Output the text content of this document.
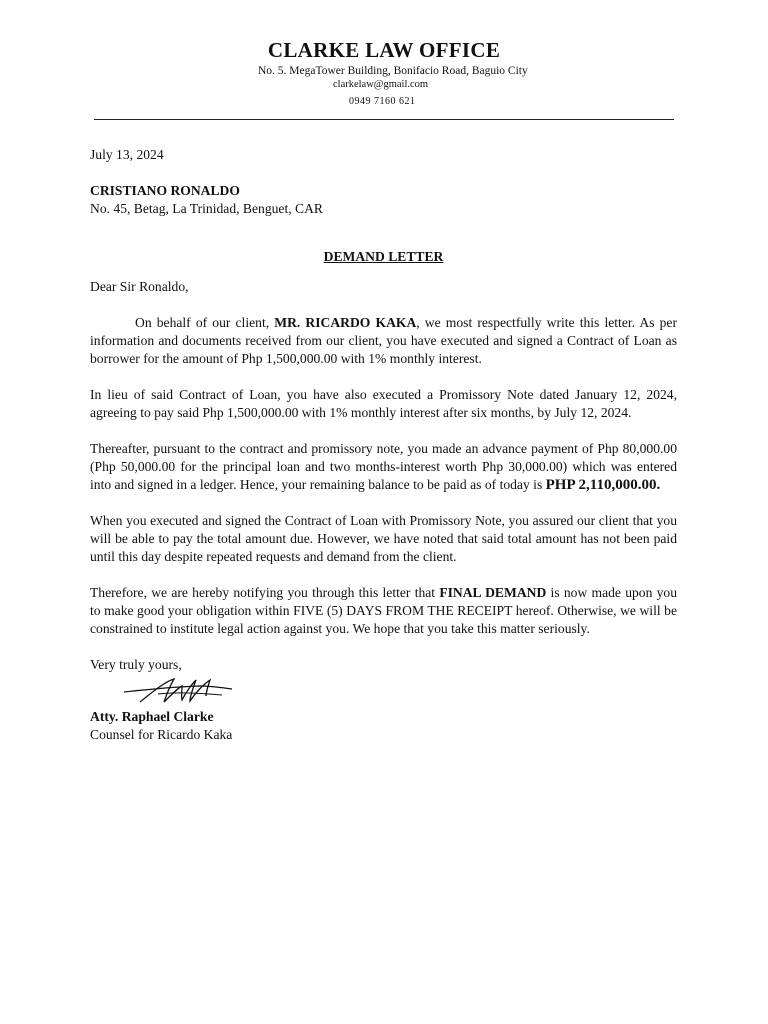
CLARKE LAW OFFICE
No. 5. MegaTower Building, Bonifacio Road, Baguio City
clarkelaw@gmail.com
0949 7160 621

July 13, 2024

CRISTIANO RONALDO
No. 45, Betag, La Trinidad, Benguet, CAR
DEMAND LETTER
Dear Sir Ronaldo,

On behalf of our client, MR. RICARDO KAKA, we most respectfully write this letter. As per information and documents received from our client, you have executed and signed a Contract of Loan as borrower for the amount of Php 1,500,000.00 with 1% monthly interest.

In lieu of said Contract of Loan, you have also executed a Promissory Note dated January 12, 2024, agreeing to pay said Php 1,500,000.00 with 1% monthly interest after six months, by July 12, 2024.

Thereafter, pursuant to the contract and promissory note, you made an advance payment of Php 80,000.00 (Php 50,000.00 for the principal loan and two months-interest worth Php 30,000.00) which was entered into and signed in a ledger. Hence, your remaining balance to be paid as of today is PHP 2,110,000.00.

When you executed and signed the Contract of Loan with Promissory Note, you assured our client that you will be able to pay the total amount due. However, we have noted that said total amount has not been paid until this day despite repeated requests and demand from the client.

Therefore, we are hereby notifying you through this letter that FINAL DEMAND is now made upon you to make good your obligation within FIVE (5) DAYS FROM THE RECEIPT hereof. Otherwise, we will be constrained to institute legal action against you. We hope that you take this matter seriously.

Very truly yours,
Atty. Raphael Clarke
Counsel for Ricardo Kaka
